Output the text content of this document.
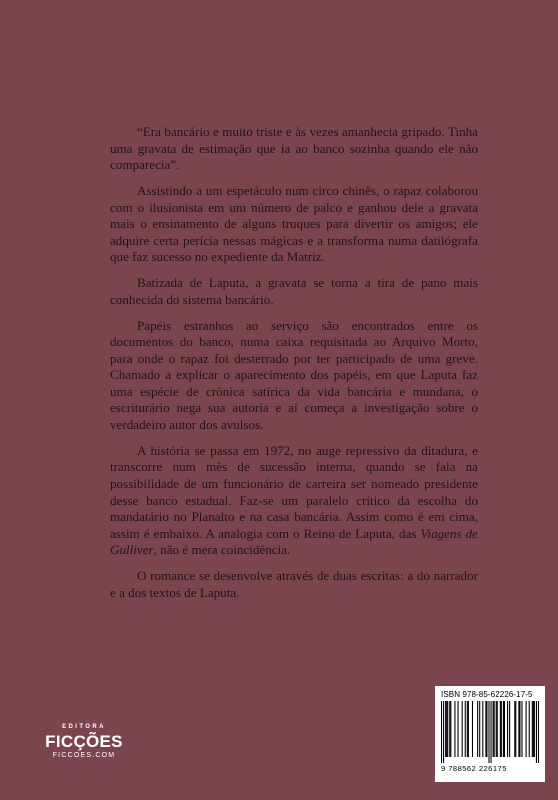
“Era bancário e muito triste e às vezes amanhecia gripado. Tinha uma gravata de estimação que ia ao banco sozinha quando ele não comparecia”.

Assistindo a um espetáculo num circo chinês, o rapaz colaborou com o ilusionista em um número de palco e ganhou dele a gravata mais o ensinamento de alguns truques para divertir os amigos; ele adquire certa perícia nessas mágicas e a transforma numa datilógrafa que faz sucesso no expediente da Matriz.

Batizada de Laputa, a gravata se torna a tira de pano mais conhecida do sistema bancário.

Papéis estranhos ao serviço são encontrados entre os documentos do banco, numa caixa requisitada ao Arquivo Morto, para onde o rapaz foi desterrado por ter participado de uma greve. Chamado a explicar o aparecimento dos papéis, em que Laputa faz uma espécie de crônica satírica da vida bancária e mundana, o escriturário nega sua autoria e aí começa a investigação sobre o verdadeiro autor dos avulsos.

A história se passa em 1972, no auge repressivo da ditadura, e transcorre num mês de sucessão interna, quando se fala na possibilidade de um funcionário de carreira ser nomeado presidente desse banco estadual. Faz-se um paralelo crítico da escolha do mandatário no Planalto e na casa bancária. Assim como é em cima, assim é embaixo. A analogia com o Reino de Laputa, das Viagens de Gulliver, não é mera coincidência.

O romance se desenvolve através de duas escritas: a do narrador e a dos textos de Laputa.

ISBN 978-85-62226-17-5
9 788562 226175
EDITORA
FICÇÕES
FICCOES.COM
